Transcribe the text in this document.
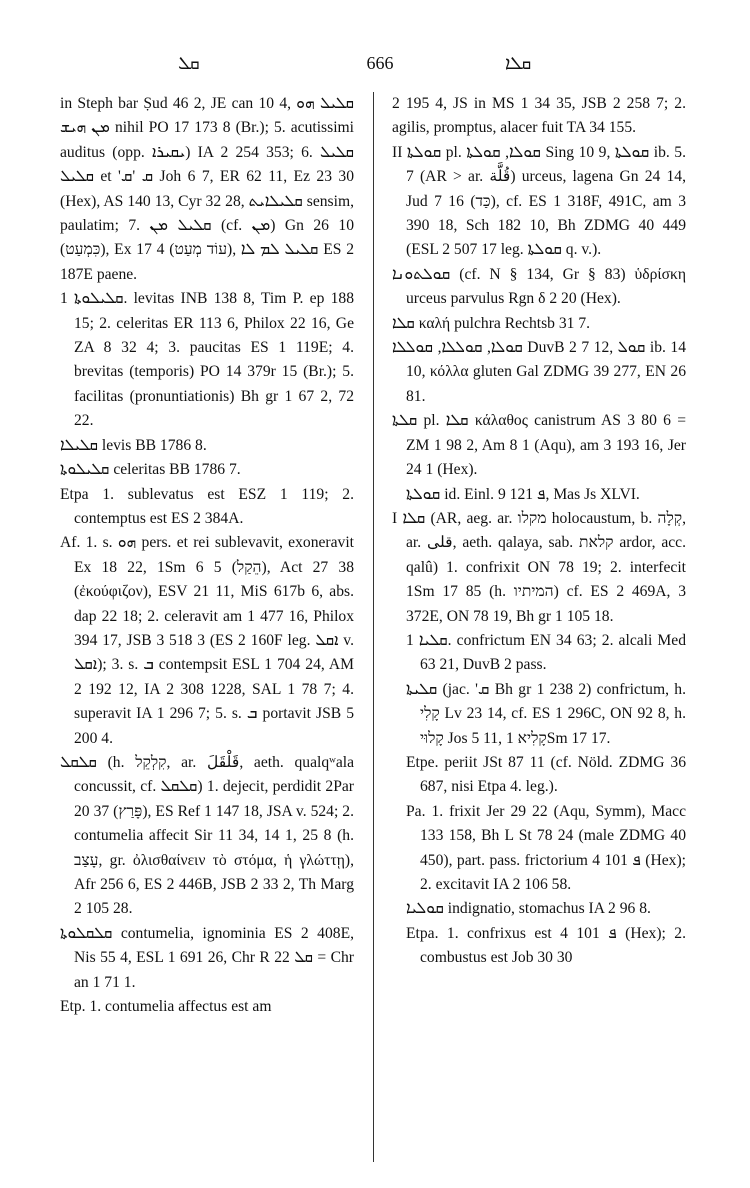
ܩܠ	666	ܩܠܐ

in Steph bar Ṣud 46 2, JE can 10 4, ܩܠܝܠ ܗܘ ܡܢ ܗܝܫ nihil PO 17 173 8 (Br.); 5. acutissimi auditus (opp. ܝܩܝܪܐ) IA 2 254 353; 6. ܩܠܝܠ ܩܠܝܠ et 'ܩ 'ܩ Joh 6 7, ER 62 11, Ez 23 30 (Hex), AS 140 13, Cyr 32 28, ܩܠܝܠܐܝܬ sensim, paulatim; 7. ܩܠܝܠ ܡܢ (cf. ܡܢ) Gn 26 10 (כִּמְעַט), Ex 17 4 (עוֹד מְעַט), ܩܠܝܠ ܠܡ ܠܐ ES 2 187E paene.

ܩܠܝܠܘܬܐ 1. levitas INB 138 8, Tim P. ep 188 15; 2. celeritas ER 113 6, Philox 22 16, Ge ZA 8 32 4; 3. paucitas ES 1 119E; 4. brevitas (temporis) PO 14 379r 15 (Br.); 5. facilitas (pronuntiationis) Bh gr 1 67 2, 72 22.

ܩܠܝܠܐ levis BB 1786 8.

ܩܠܝܠܘܬܐ celeritas BB 1786 7.

Etpa 1. sublevatus est ESZ 1 119; 2. contemptus est ES 2 384A.

Af. 1. s. ܗܘ pers. et rei sublevavit, exoneravit Ex 18 22, 1Sm 6 5 (הֵקַל), Act 27 38 (ἐκούφιζον), ESV 21 11, MiS 617b 6, abs. dap 22 18; 2. celeravit am 1 477 16, Philox 394 17, JSB 3 518 3 (ES 2 160F leg. ܐܩܠ v. ܐܩܠ); 3. s. ܒ contempsit ESL 1 704 24, AM 2 192 12, IA 2 308 1228, SAL 1 78 7; 4. superavit IA 1 296 7; 5. s. ܒ portavit JSB 5 200 4.

ܩܠܩܠ (h. קִלְקֵל, ar. قَلْقَلَ, aeth. qualqʷala concussit, cf. ܩܠܩܠ) 1. dejecit, perdidit 2Par 20 37 (פָּרַץ), ES Ref 1 147 18, JSA v. 524; 2. contumelia affecit Sir 11 34, 14 1, 25 8 (h. עָצַב, gr. ὀλισθαίνειν τὸ στόμα, ἡ γλώττῃ), Afr 256 6, ES 2 446B, JSB 2 33 2, Th Marg 2 105 28.

ܩܠܩܠܘܬܐ contumelia, ignominia ES 2 408E, Nis 55 4, ESL 1 691 26, Chr R ܩܠ 22 = Chr an 1 71 1.

Etp. 1. contumelia affectus est am

2 195 4, JS in MS 1 34 35, JSB 2 258 7; 2. agilis, promptus, alacer fuit TA 34 155.

II ܩܘܠܬܐ pl. ܩܘܠܐ, ܩܘܠܬܐ Sing 10 9, ܩܘܠܬܐ ib. 5. 7 (AR > ar. قُلَّة) urceus, lagena Gn 24 14, Jud 7 16 (כַּד), cf. ES 1 318F, 491C, am 3 390 18, Sch 182 10, Bh ZDMG 40 449 (ESL 2 507 17 leg. ܩܘܠܬܐ q. v.).

ܩܘܠܬܘܢܐ (cf. N § 134, Gr § 83) ὑδρίσκη urceus parvulus Rgn δ 2 20 (Hex).

ܩܠܐ καλή pulchra Rechtsb 31 7.

ܩܘܠܐ, ܩܘܠܠܐ, ܩܘܠܠܐ DuvB 2 7 12, ܩܘܠ ib. 14 10, κόλλα gluten Gal ZDMG 39 277, EN 26 81.

ܩܠܬܐ pl. ܩܠܐ κάλαθος canistrum AS 3 80 6 = ZM 1 98 2, Am 8 1 (Aqu), am 3 193 16, Jer 24 1 (Hex).

ܩܘܠܬܐ id. Einl. ܦ 121 9, Mas Js XLVI.

I ܩܠܐ (AR, aeg. ar. מקלו holocaustum, b. קְלָה, ar. قلى, aeth. qalaya, sab. קלאת ardor, acc. qalû) 1. confrixit ON 78 19; 2. interfecit 1Sm 17 85 (h. המיתיו) cf. ES 2 469A, 3 372E, ON 78 19, Bh gr 1 105 18.

ܩܠܝܐ 1. confrictum EN 34 63; 2. alcali Med 63 21, DuvB 2 pass.

ܩܠܝܬܐ (jac. 'ܩ Bh gr 1 238 2) confrictum, h. קָלִי Lv 23 14, cf. ES 1 296C, ON 92 8, h. קָלוּי Jos 5 11, קָלִיא 1Sm 17 17.

Etpe. periit JSt 87 11 (cf. Nöld. ZDMG 36 687, nisi Etpa 4. leg.).

Pa. 1. frixit Jer 29 22 (Aqu, Symm), Macc 133 158, Bh L St 78 24 (male ZDMG 40 450), part. pass. frictorium ܦ 101 4 (Hex); 2. excitavit IA 2 106 58.

ܩܘܠܝܐ indignatio, stomachus IA 2 96 8.

Etpa. 1. confrixus est ܦ 101 4 (Hex); 2. combustus est Job 30 30
